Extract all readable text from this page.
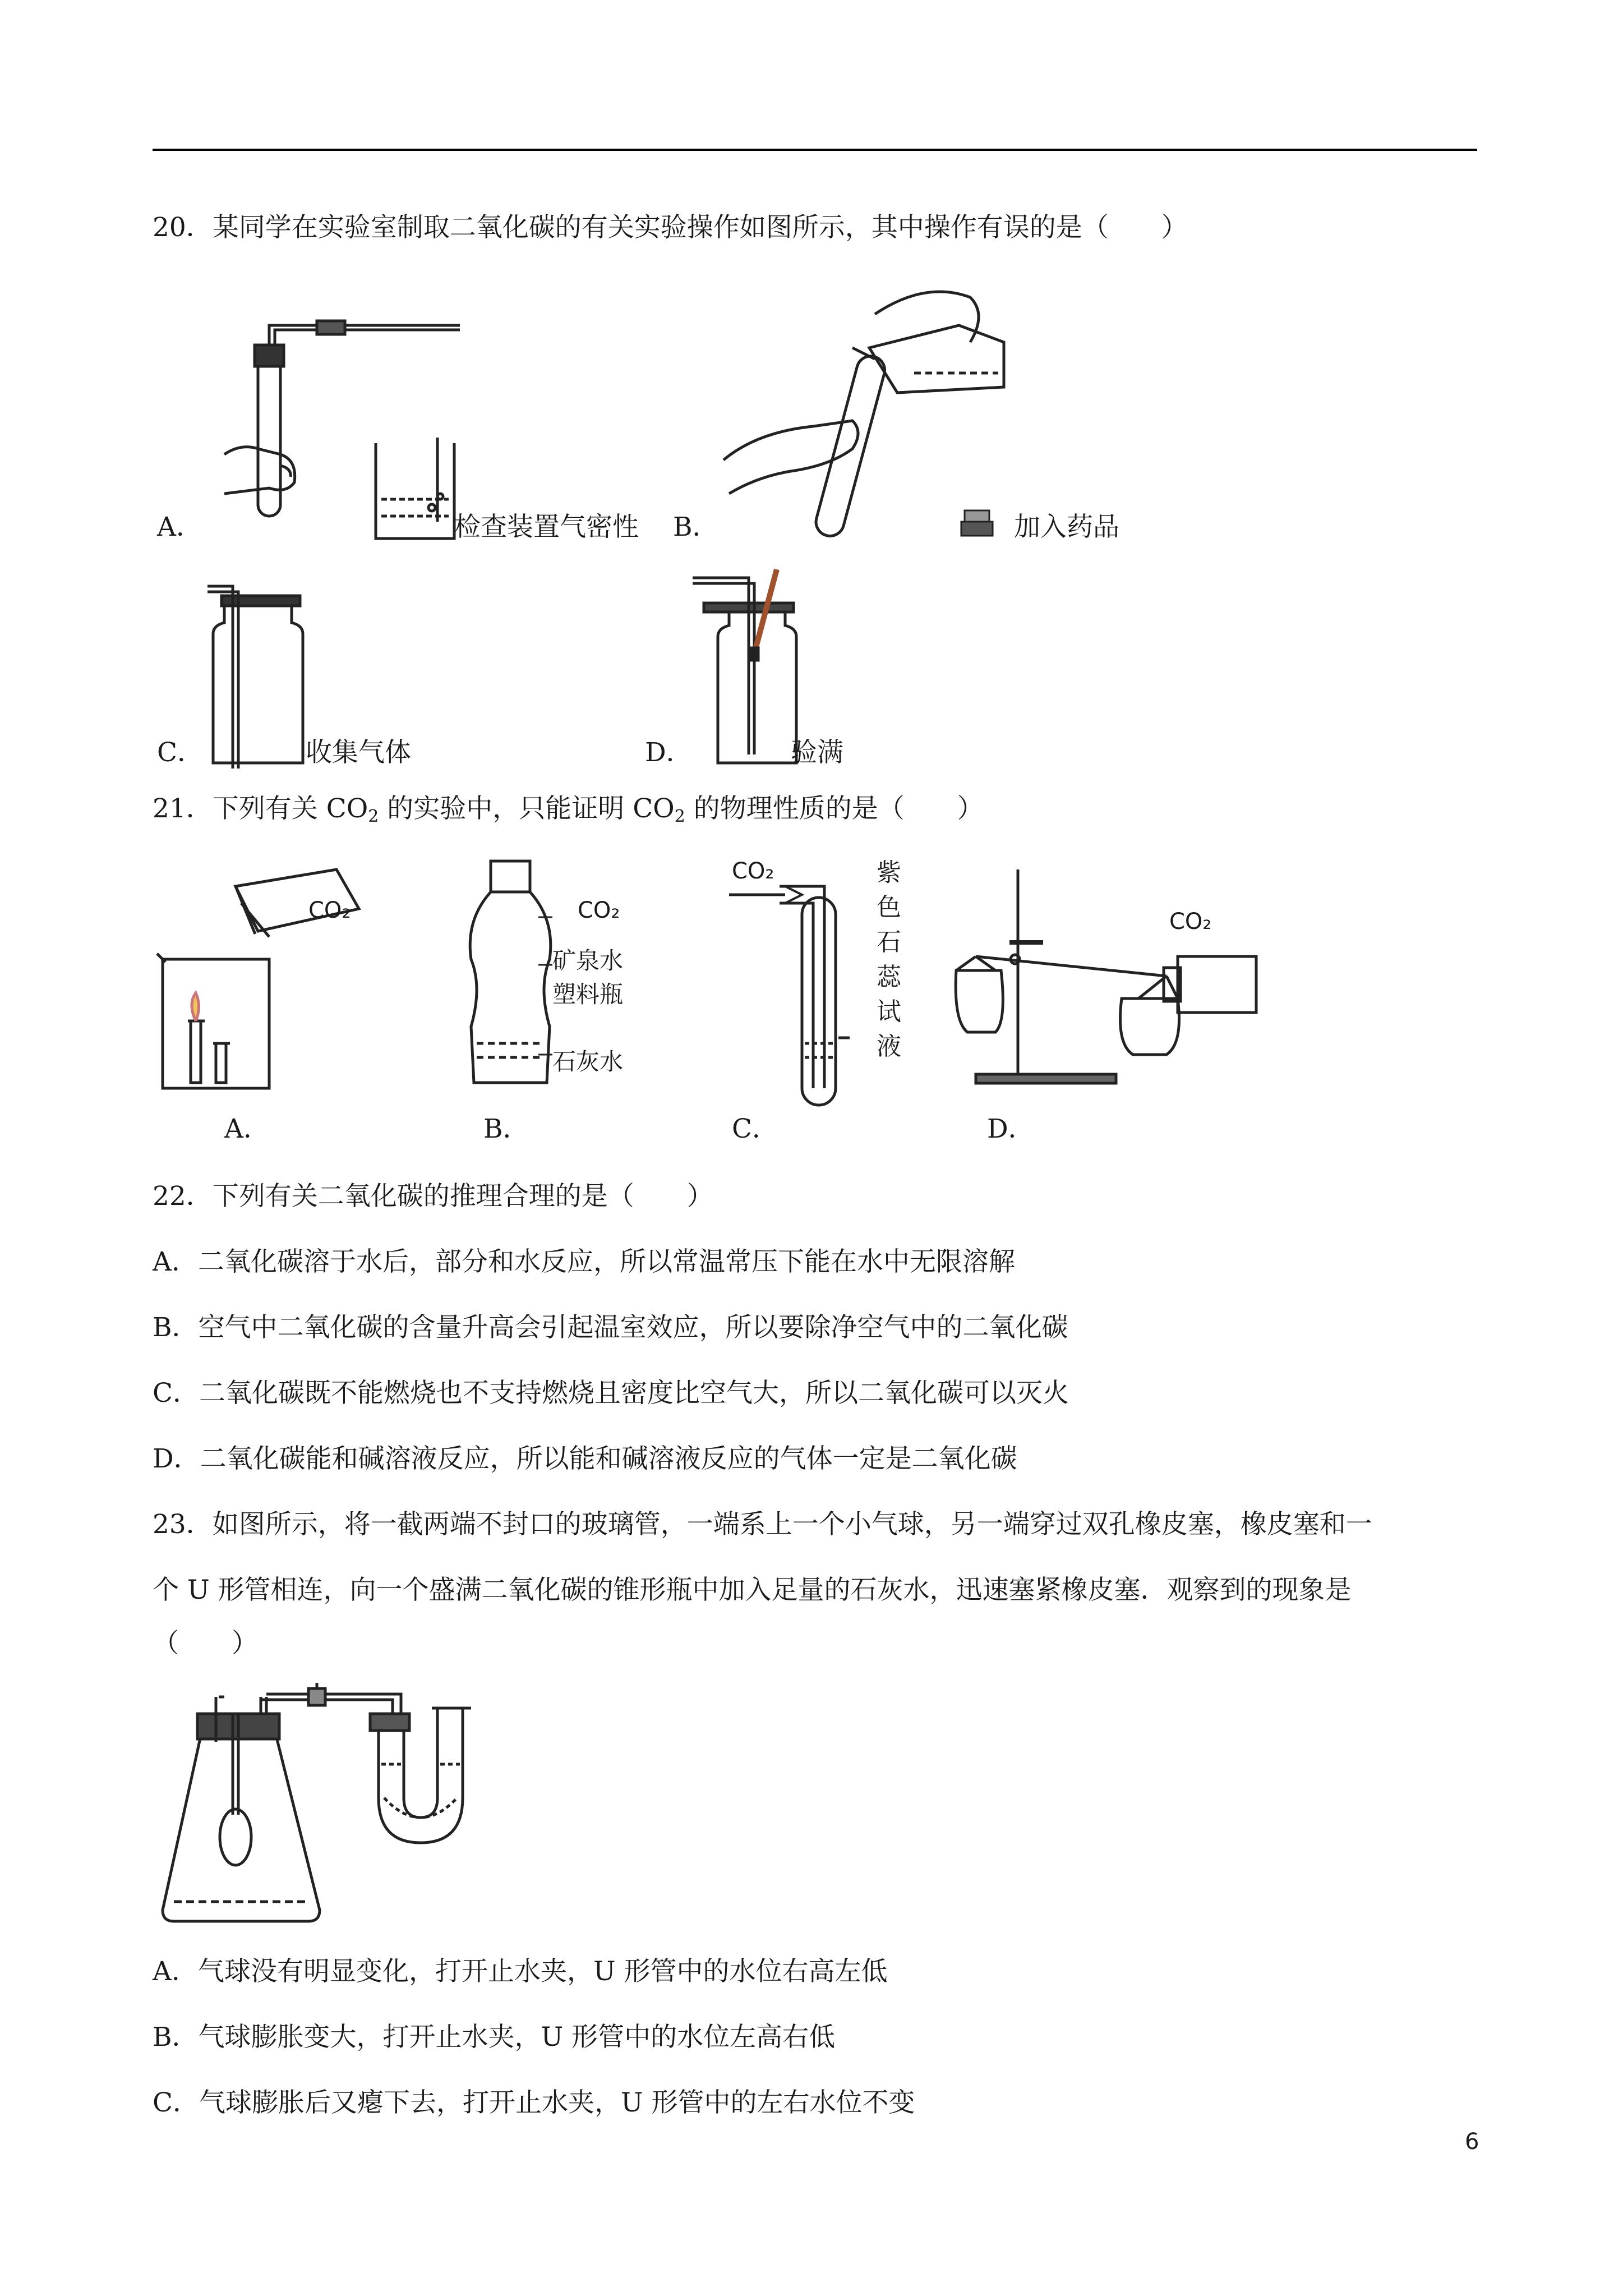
20．某同学在实验室制取二氧化碳的有关实验操作如图所示，其中操作有误的是（　　）
A．	检查装置气密性 B．	加入药品
C．	收集气体	D．	验满
21．下列有关 $CO_2$ 的实验中，只能证明 $CO_2$ 的物理性质的是（　　）
CO₂	CO₂
矿泉水
塑料瓶
石灰水
CO₂	紫
色
石
蕊
试
液
CO₂
A．	B．	C．	D．
22．下列有关二氧化碳的推理合理的是（　　）
A．二氧化碳溶于水后，部分和水反应，所以常温常压下能在水中无限溶解
B．空气中二氧化碳的含量升高会引起温室效应，所以要除净空气中的二氧化碳
C．二氧化碳既不能燃烧也不支持燃烧且密度比空气大，所以二氧化碳可以灭火
D．二氧化碳能和碱溶液反应，所以能和碱溶液反应的气体一定是二氧化碳
23．如图所示，将一截两端不封口的玻璃管，一端系上一个小气球，另一端穿过双孔橡皮塞，橡皮塞和一
个 U 形管相连，向一个盛满二氧化碳的锥形瓶中加入足量的石灰水，迅速塞紧橡皮塞．观察到的现象是
（　　）
A．气球没有明显变化，打开止水夹，U 形管中的水位右高左低
B．气球膨胀变大，打开止水夹，U 形管中的水位左高右低
C．气球膨胀后又瘪下去，打开止水夹，U 形管中的左右水位不变
6
